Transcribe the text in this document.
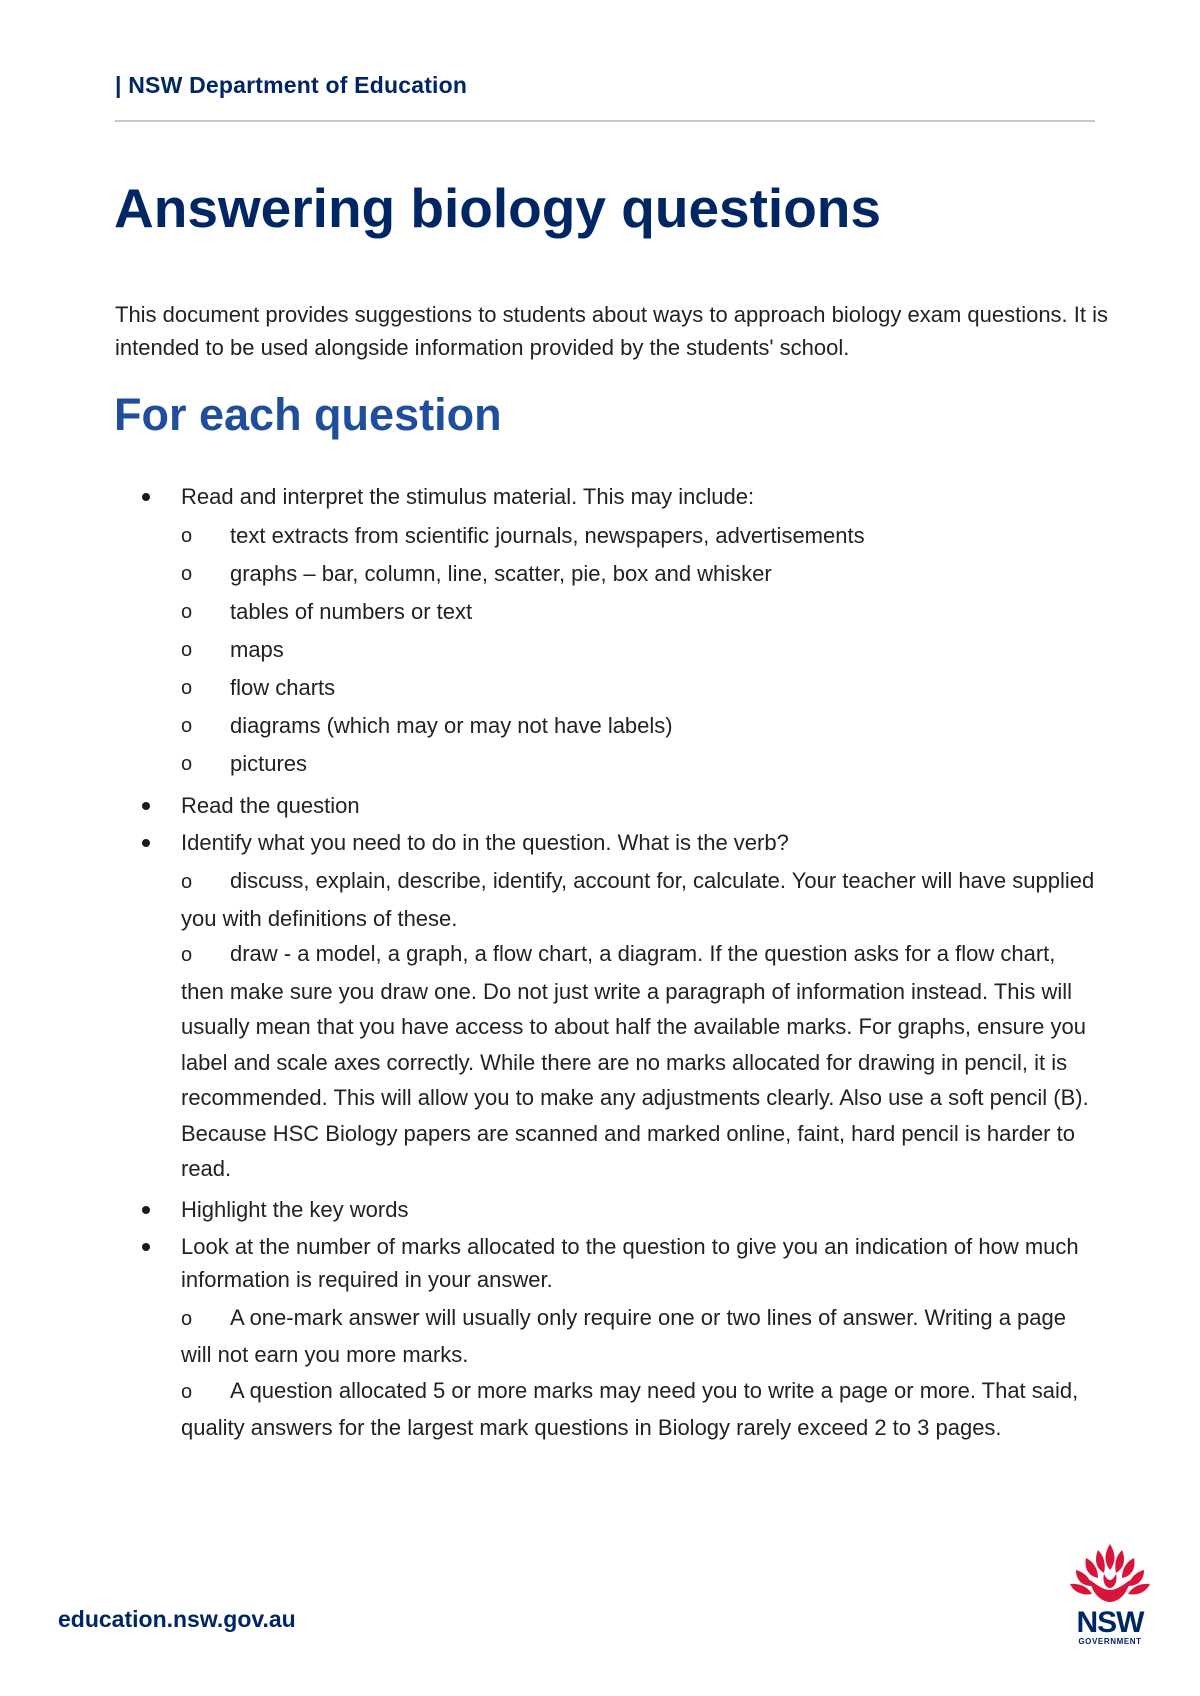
| NSW Department of Education
Answering biology questions

This document provides suggestions to students about ways to approach biology exam questions. It is intended to be used alongside information provided by the students' school.

For each question
Read and interpret the stimulus material. This may include:
o text extracts from scientific journals, newspapers, advertisements
o graphs – bar, column, line, scatter, pie, box and whisker
o tables of numbers or text
o maps
o flow charts
o diagrams (which may or may not have labels)
o pictures
Read the question
Identify what you need to do in the question. What is the verb?

o discuss, explain, describe, identify, account for, calculate. Your teacher will have supplied you with definitions of these.

o draw - a model, a graph, a flow chart, a diagram. If the question asks for a flow chart, then make sure you draw one. Do not just write a paragraph of information instead. This will usually mean that you have access to about half the available marks. For graphs, ensure you label and scale axes correctly. While there are no marks allocated for drawing in pencil, it is recommended. This will allow you to make any adjustments clearly. Also use a soft pencil (B). Because HSC Biology papers are scanned and marked online, faint, hard pencil is harder to read.

Highlight the key words
Look at the number of marks allocated to the question to give you an indication of how much information is required in your answer.

o A one-mark answer will usually only require one or two lines of answer. Writing a page will not earn you more marks.

o A question allocated 5 or more marks may need you to write a page or more. That said, quality answers for the largest mark questions in Biology rarely exceed 2 to 3 pages.

education.nsw.gov.au	NSW
GOVERNMENT
